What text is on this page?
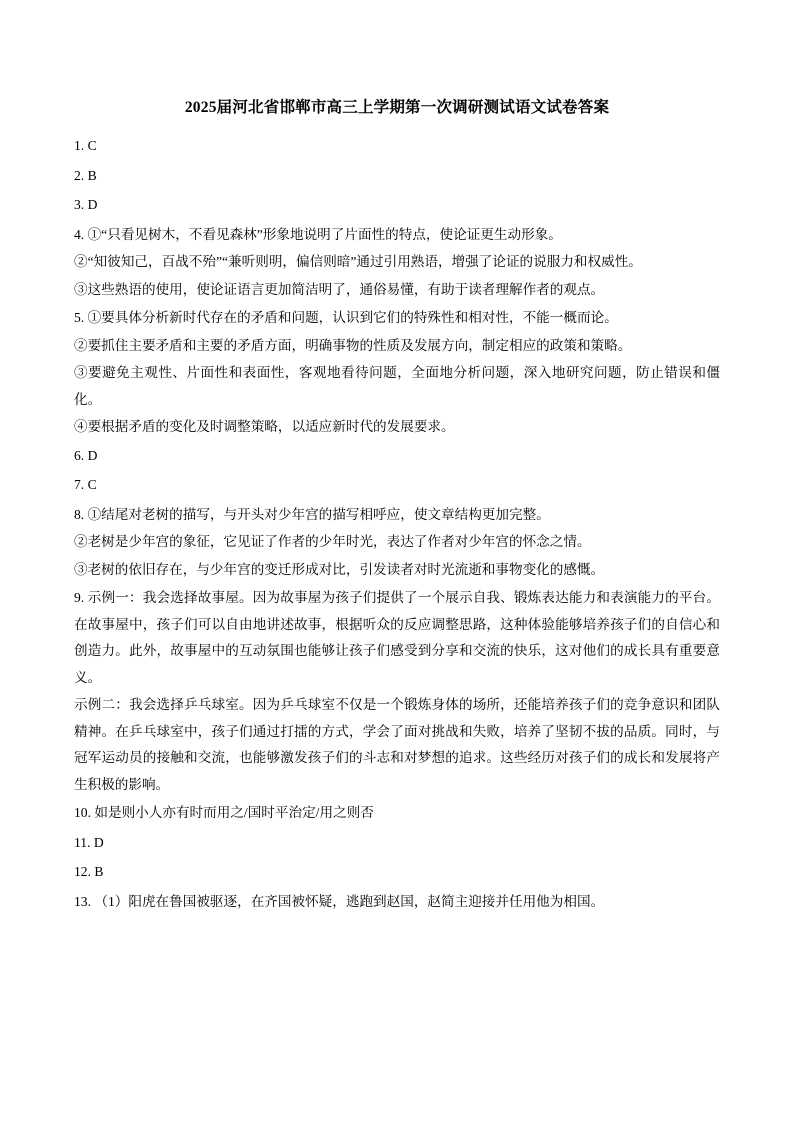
2025届河北省邯郸市高三上学期第一次调研测试语文试卷答案

1. C

2. B

3. D

4. ①“只看见树木，不看见森林”形象地说明了片面性的特点，使论证更生动形象。

②“知彼知己，百战不殆”“兼听则明，偏信则暗”通过引用熟语，增强了论证的说服力和权威性。

③这些熟语的使用，使论证语言更加简洁明了，通俗易懂，有助于读者理解作者的观点。

5. ①要具体分析新时代存在的矛盾和问题，认识到它们的特殊性和相对性，不能一概而论。

②要抓住主要矛盾和主要的矛盾方面，明确事物的性质及发展方向，制定相应的政策和策略。

③要避免主观性、片面性和表面性，客观地看待问题，全面地分析问题，深入地研究问题，防止错误和僵化。

④要根据矛盾的变化及时调整策略，以适应新时代的发展要求。

6. D

7. C

8. ①结尾对老树的描写，与开头对少年宫的描写相呼应，使文章结构更加完整。

②老树是少年宫的象征，它见证了作者的少年时光，表达了作者对少年宫的怀念之情。

③老树的依旧存在，与少年宫的变迁形成对比，引发读者对时光流逝和事物变化的感慨。

9. 示例一：我会选择故事屋。因为故事屋为孩子们提供了一个展示自我、锻炼表达能力和表演能力的平台。在故事屋中，孩子们可以自由地讲述故事，根据听众的反应调整思路，这种体验能够培养孩子们的自信心和创造力。此外，故事屋中的互动氛围也能够让孩子们感受到分享和交流的快乐，这对他们的成长具有重要意义。

示例二：我会选择乒乓球室。因为乒乓球室不仅是一个锻炼身体的场所，还能培养孩子们的竞争意识和团队精神。在乒乓球室中，孩子们通过打擂的方式，学会了面对挑战和失败，培养了坚韧不拔的品质。同时，与冠军运动员的接触和交流，也能够激发孩子们的斗志和对梦想的追求。这些经历对孩子们的成长和发展将产生积极的影响。

10. 如是则小人亦有时而用之/国时平治定/用之则否

11. D

12. B

13. （1）阳虎在鲁国被驱逐，在齐国被怀疑，逃跑到赵国，赵简主迎接并任用他为相国。
